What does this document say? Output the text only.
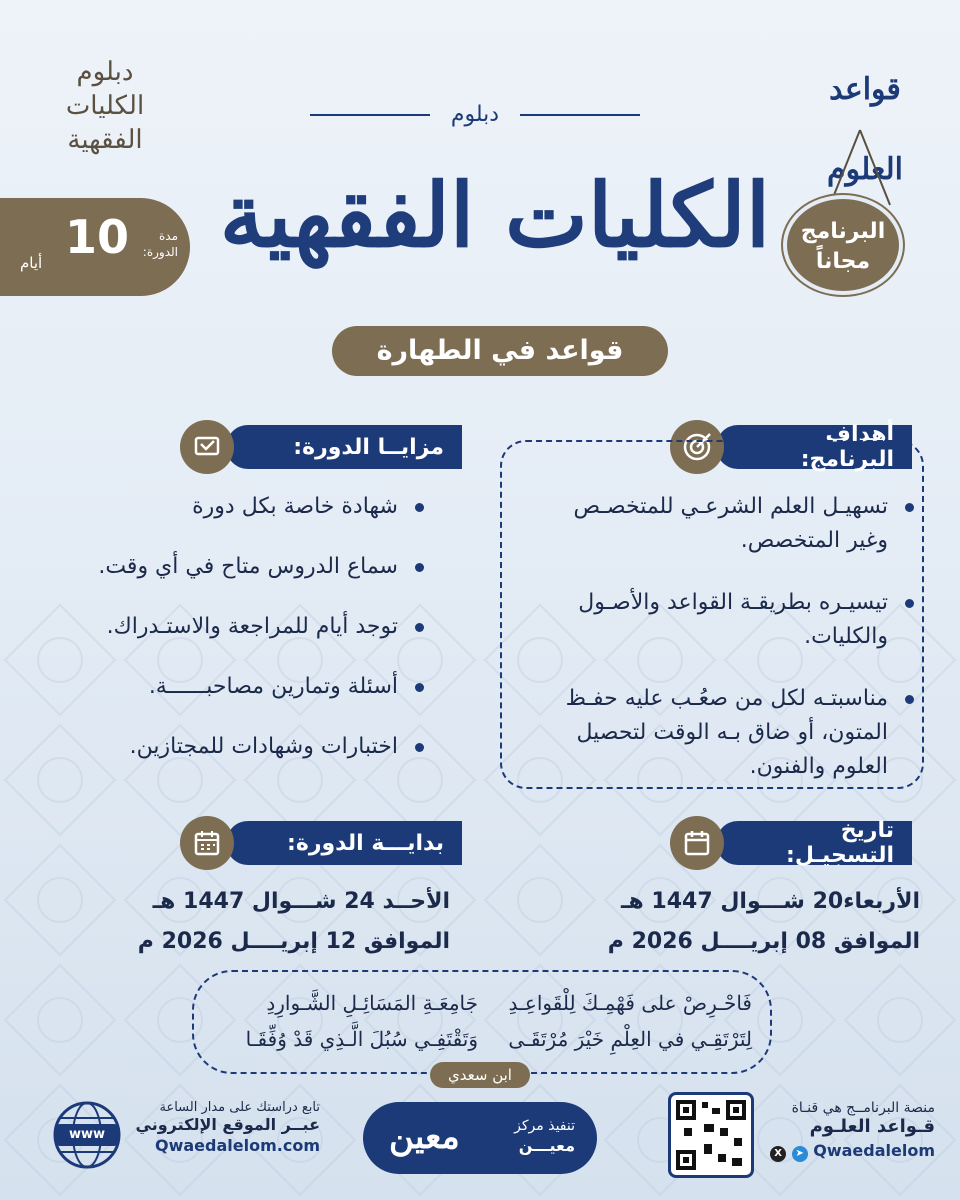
دبلوم الكليات الفقهية
مدة
الدورة:
10
أيام
دبلوم
الكليات الفقهية
قواعد العلوم
البرنامج
مجاناً
قواعد في الطهارة
أهداف البرنامج:
تسهيـل العلم الشرعـي للمتخصـص وغير المتخصص.
تيسيـره بطريقـة القواعد والأصـول والكليات.
مناسبتـه لكل من صعُـب عليه حفـظ المتون، أو ضاق بـه الوقت لتحصيل العلوم والفنون.
مزايــا الدورة:
شهادة خاصة بكل دورة
سماع الدروس متاح في أي وقت.
توجد أيام للمراجعة والاستـدراك.
أسئلة وتمارين مصاحبــــــة.
اختبارات وشهادات للمجتازين.
تاريخ التسجيـل:
الأربعاء20 شـــوال 1447 هـ
الموافق 08 إبريــــل 2026 م
بدايـــة الدورة:
الأحــد 24 شـــوال 1447 هـ
الموافق 12 إبريــــل 2026 م
فَاحْـرِصْ على فَهْمِـكَ لِلْقَواعِـدِ
لِتَرْتَقِـي في العِلْمِ خَيْرَ مُرْتَقَـى
جَامِعَـةِ المَسَائِـلِ الشَّـوارِدِ
وَتَقْتَفِـي سُبُلَ الَّـذِي قَدْ وُفِّقَـا
ابن سعدي
منصة البرنامــج هي قنـاة
قـواعد العلـوم
X ➤ Qwaedalelom
تنفيذ مركز
معيـــن
معين
تابع دراستك على مدار الساعة
عبــر الموقع الإلكتروني
Qwaedalelom.com
www
